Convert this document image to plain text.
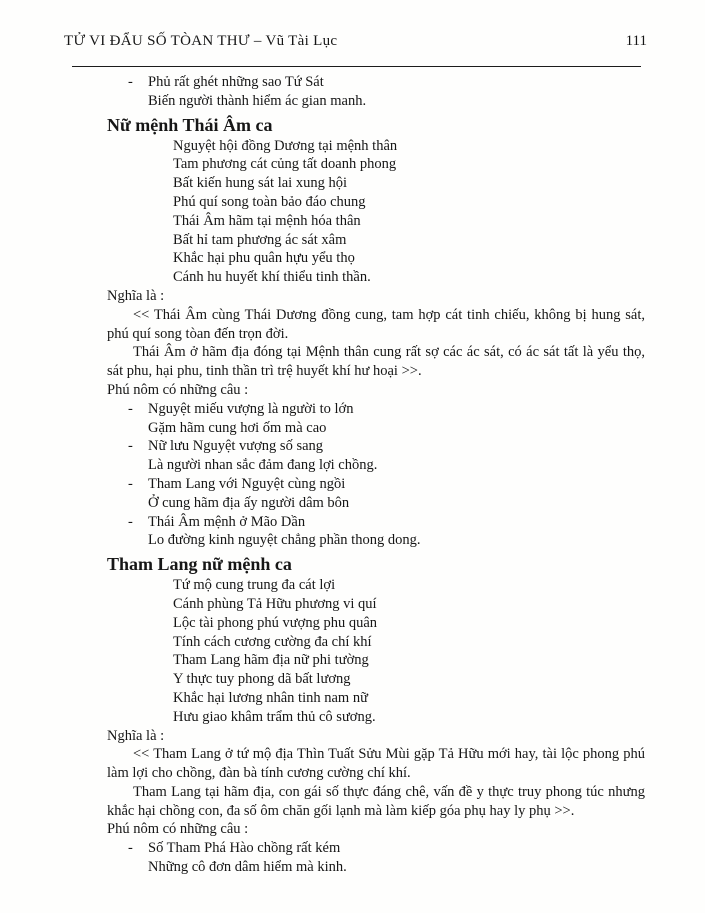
TỬ VI ĐẨU SỐ TÒAN THƯ – Vũ Tài Lục	111
-	Phủ rất ghét những sao Tứ Sát
Biến người thành hiểm ác gian manh.
Nữ mệnh Thái Âm ca
Nguyệt hội đồng Dương tại mệnh thân
Tam phương cát củng tất doanh phong
Bất kiến hung sát lai xung hội
Phú quí song toàn bảo đáo chung
Thái Âm hãm tại mệnh hóa thân
Bất hỉ tam phương ác sát xâm
Khắc hại phu quân hựu yểu thọ
Cánh hu huyết khí thiểu tinh thần.

Nghĩa là :

<< Thái Âm cùng Thái Dương đồng cung, tam hợp cát tinh chiếu, không bị hung sát, phú quí song tòan đến trọn đời.

Thái Âm ở hãm địa đóng tại Mệnh thân cung rất sợ các ác sát, có ác sát tất là yểu thọ, sát phu, hại phu, tinh thần trì trệ huyết khí hư hoại >>.

Phú nôm có những câu :

-	Nguyệt miếu vượng là người to lớn
Gặm hãm cung hơi ốm mà cao
-	Nữ lưu Nguyệt vượng số sang
Là người nhan sắc đảm đang lợi chồng.
-	Tham Lang với Nguyệt cùng ngồi
Ở cung hãm địa ấy người dâm bôn
-	Thái Âm mệnh ở Mão Dần
Lo đường kinh nguyệt chẳng phần thong dong.
Tham Lang nữ mệnh ca
Tứ mộ cung trung đa cát lợi
Cánh phùng Tả Hữu phương vi quí
Lộc tài phong phú vượng phu quân
Tính cách cương cường đa chí khí
Tham Lang hãm địa nữ phi tường
Y thực tuy phong dã bất lương
Khắc hại lương nhân tinh nam nữ
Hưu giao khâm trẩm thủ cô sương.

Nghĩa là :

<< Tham Lang ở tứ mộ địa Thìn Tuất Sửu Mùi gặp Tả Hữu mới hay, tài lộc phong phú làm lợi cho chồng, đàn bà tính cương cường chí khí.

Tham Lang tại hãm địa, con gái số thực đáng chê, vấn đề y thực truy phong túc nhưng khắc hại chồng con, đa số ôm chăn gối lạnh mà làm kiếp góa phụ hay ly phụ >>.

Phú nôm có những câu :

-	Số Tham Phá Hào chồng rất kém
Những cô đơn dâm hiểm mà kinh.
